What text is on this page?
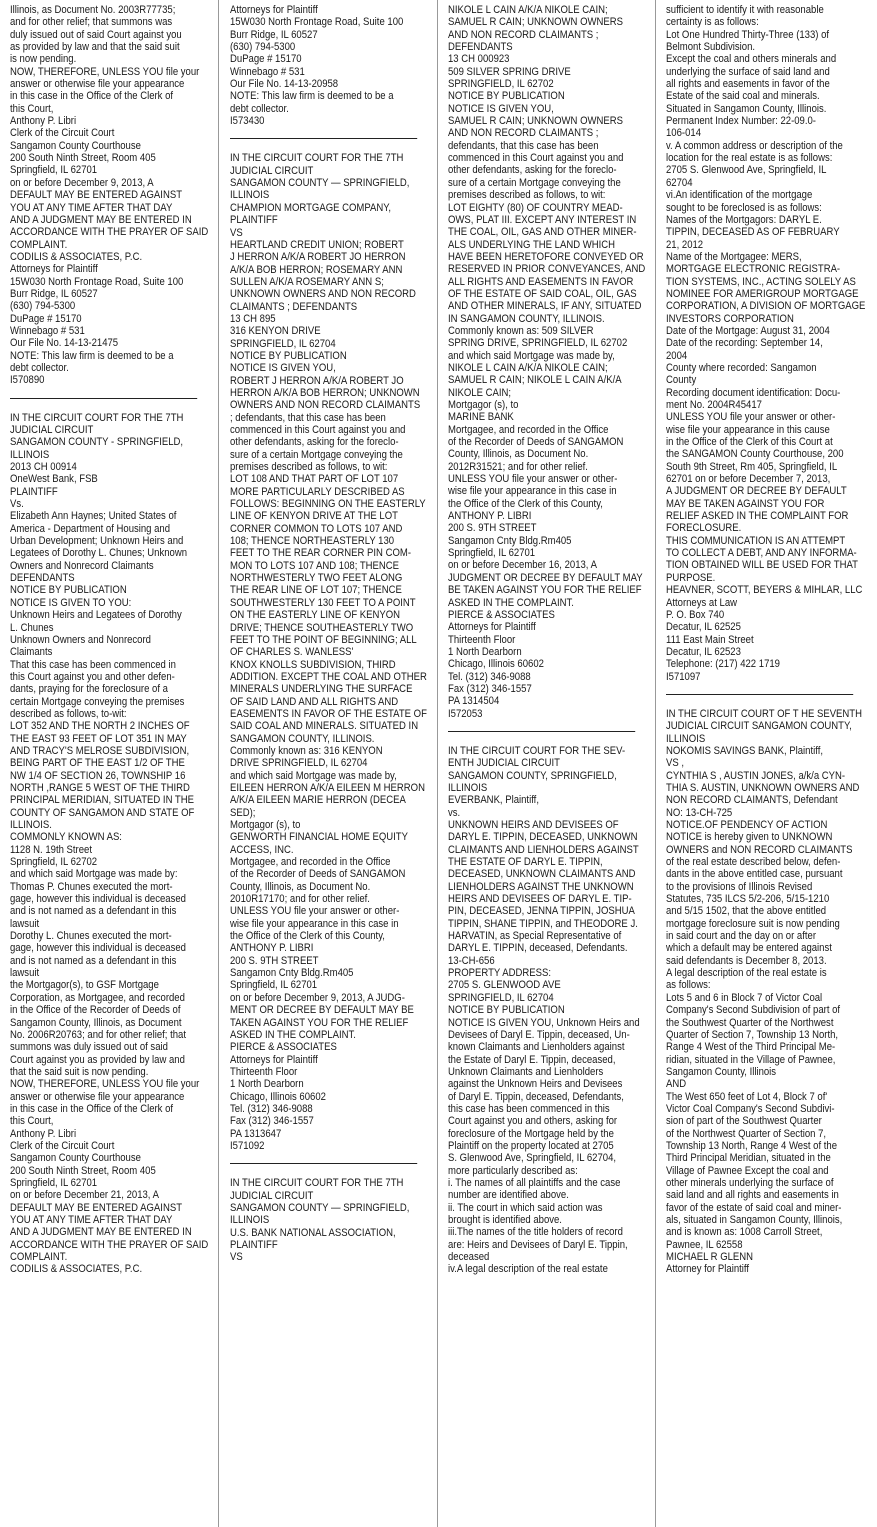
Illinois, as Document No. 2003R77735;

and for other relief; that summons was

duly issued out of said Court against you

as provided by law and that the said suit

is now pending.

NOW, THEREFORE, UNLESS YOU file your

answer or otherwise file your appearance

in this case in the Office of the Clerk of

this Court,

Anthony P. Libri

Clerk of the Circuit Court

Sangamon County Courthouse

200 South Ninth Street, Room 405

Springfield, IL 62701

on or before December 9, 2013, A

DEFAULT MAY BE ENTERED AGAINST

YOU AT ANY TIME AFTER THAT DAY

AND A JUDGMENT MAY BE ENTERED IN

ACCORDANCE WITH THE PRAYER OF SAID

COMPLAINT.

CODILIS & ASSOCIATES, P.C.

Attorneys for Plaintiff

15W030 North Frontage Road, Suite 100

Burr Ridge, IL 60527

(630) 794-5300

DuPage # 15170

Winnebago # 531

Our File No. 14-13-21475

NOTE: This law firm is deemed to be a

debt collector.

I570890

IN THE CIRCUIT COURT FOR THE 7TH

JUDICIAL CIRCUIT

SANGAMON COUNTY - SPRINGFIELD,

ILLINOIS

2013 CH 00914

OneWest Bank, FSB

PLAINTIFF

Vs.

Elizabeth Ann Haynes; United States of

America - Department of Housing and

Urban Development; Unknown Heirs and

Legatees of Dorothy L. Chunes; Unknown

Owners and Nonrecord Claimants

DEFENDANTS

NOTICE BY PUBLICATION

NOTICE IS GIVEN TO YOU:

Unknown Heirs and Legatees of Dorothy

L. Chunes

Unknown Owners and Nonrecord

Claimants

That this case has been commenced in

this Court against you and other defen-

dants, praying for the foreclosure of a

certain Mortgage conveying the premises

described as follows, to-wit:

LOT 352 AND THE NORTH 2 INCHES OF

THE EAST 93 FEET OF LOT 351 IN MAY

AND TRACY'S MELROSE SUBDIVISION,

BEING PART OF THE EAST 1/2 OF THE

NW 1/4 OF SECTION 26, TOWNSHIP 16

NORTH ,RANGE 5 WEST OF THE THIRD

PRINCIPAL MERIDIAN, SITUATED IN THE

COUNTY OF SANGAMON AND STATE OF

ILLINOIS.

COMMONLY KNOWN AS:

1128 N. 19th Street

Springfield, IL 62702

and which said Mortgage was made by:

Thomas P. Chunes executed the mort-

gage, however this individual is deceased

and is not named as a defendant in this

lawsuit

Dorothy L. Chunes executed the mort-

gage, however this individual is deceased

and is not named as a defendant in this

lawsuit

the Mortgagor(s), to GSF Mortgage

Corporation, as Mortgagee, and recorded

in the Office of the Recorder of Deeds of

Sangamon County, Illinois, as Document

No. 2006R20763; and for other relief; that

summons was duly issued out of said

Court against you as provided by law and

that the said suit is now pending.

NOW, THEREFORE, UNLESS YOU file your

answer or otherwise file your appearance

in this case in the Office of the Clerk of

this Court,

Anthony P. Libri

Clerk of the Circuit Court

Sangamon County Courthouse

200 South Ninth Street, Room 405

Springfield, IL 62701

on or before December 21, 2013, A

DEFAULT MAY BE ENTERED AGAINST

YOU AT ANY TIME AFTER THAT DAY

AND A JUDGMENT MAY BE ENTERED IN

ACCORDANCE WITH THE PRAYER OF SAID

COMPLAINT.

CODILIS & ASSOCIATES, P.C.

Attorneys for Plaintiff

15W030 North Frontage Road, Suite 100

Burr Ridge, IL 60527

(630) 794-5300

DuPage # 15170

Winnebago # 531

Our File No. 14-13-20958

NOTE: This law firm is deemed to be a

debt collector.

I573430

IN THE CIRCUIT COURT FOR THE 7TH

JUDICIAL CIRCUIT

SANGAMON COUNTY — SPRINGFIELD,

ILLINOIS

CHAMPION MORTGAGE COMPANY,

PLAINTIFF

VS

HEARTLAND CREDIT UNION; ROBERT

J HERRON A/K/A ROBERT JO HERRON

A/K/A BOB HERRON; ROSEMARY ANN

SULLEN A/K/A ROSEMARY ANN S;

UNKNOWN OWNERS AND NON RECORD

CLAIMANTS ; DEFENDANTS

13 CH 895

316 KENYON DRIVE

SPRINGFIELD, IL 62704

NOTICE BY PUBLICATION

NOTICE IS GIVEN YOU,

ROBERT J HERRON A/K/A ROBERT JO

HERRON A/K/A BOB HERRON; UNKNOWN

OWNERS AND NON RECORD CLAIMANTS

; defendants, that this case has been

commenced in this Court against you and

other defendants, asking for the foreclo-

sure of a certain Mortgage conveying the

premises described as follows, to wit:

LOT 108 AND THAT PART OF LOT 107

MORE PARTICULARLY DESCRIBED AS

FOLLOWS: BEGINNING ON THE EASTERLY

LINE OF KENYON DRIVE AT THE LOT

CORNER COMMON TO LOTS 107 AND

108; THENCE NORTHEASTERLY 130

FEET TO THE REAR CORNER PIN COM-

MON TO LOTS 107 AND 108; THENCE

NORTHWESTERLY TWO FEET ALONG

THE REAR LINE OF LOT 107; THENCE

SOUTHWESTERLY 130 FEET TO A POINT

ON THE EASTERLY LINE OF KENYON

DRIVE; THENCE SOUTHEASTERLY TWO

FEET TO THE POINT OF BEGINNING; ALL

OF CHARLES S. WANLESS'

KNOX KNOLLS SUBDIVISION, THIRD

ADDITION. EXCEPT THE COAL AND OTHER

MINERALS UNDERLYING THE SURFACE

OF SAID LAND AND ALL RIGHTS AND

EASEMENTS IN FAVOR OF THE ESTATE OF

SAID COAL AND MINERALS. SITUATED IN

SANGAMON COUNTY, ILLINOIS.

Commonly known as: 316 KENYON

DRIVE SPRINGFIELD, IL 62704

and which said Mortgage was made by,

EILEEN HERRON A/K/A EILEEN M HERRON

A/K/A EILEEN MARIE HERRON (DECEA

SED);

Mortgagor (s), to

GENWORTH FINANCIAL HOME EQUITY

ACCESS, INC.

Mortgagee, and recorded in the Office

of the Recorder of Deeds of SANGAMON

County, Illinois, as Document No.

2010R17170; and for other relief.

UNLESS YOU file your answer or other-

wise file your appearance in this case in

the Office of the Clerk of this County,

ANTHONY P. LIBRI

200 S. 9TH STREET

Sangamon Cnty Bldg.Rm405

Springfield, IL 62701

on or before December 9, 2013, A JUDG-

MENT OR DECREE BY DEFAULT MAY BE

TAKEN AGAINST YOU FOR THE RELIEF

ASKED IN THE COMPLAINT.

PIERCE & ASSOCIATES

Attorneys for Plaintiff

Thirteenth Floor

1 North Dearborn

Chicago, Illinois 60602

Tel. (312) 346-9088

Fax (312) 346-1557

PA 1313647

I571092

IN THE CIRCUIT COURT FOR THE 7TH

JUDICIAL CIRCUIT

SANGAMON COUNTY — SPRINGFIELD,

ILLINOIS

U.S. BANK NATIONAL ASSOCIATION,

PLAINTIFF

VS

NIKOLE L CAIN A/K/A NIKOLE CAIN;

SAMUEL R CAIN; UNKNOWN OWNERS

AND NON RECORD CLAIMANTS ;

DEFENDANTS

13 CH 000923

509 SILVER SPRING DRIVE

SPRINGFIELD, IL 62702

NOTICE BY PUBLICATION

NOTICE IS GIVEN YOU,

SAMUEL R CAIN; UNKNOWN OWNERS

AND NON RECORD CLAIMANTS ;

defendants, that this case has been

commenced in this Court against you and

other defendants, asking for the foreclo-

sure of a certain Mortgage conveying the

premises described as follows, to wit:

LOT EIGHTY (80) OF COUNTRY MEAD-

OWS, PLAT III. EXCEPT ANY INTEREST IN

THE COAL, OIL, GAS AND OTHER MINER-

ALS UNDERLYING THE LAND WHICH

HAVE BEEN HERETOFORE CONVEYED OR

RESERVED IN PRIOR CONVEYANCES, AND

ALL RIGHTS AND EASEMENTS IN FAVOR

OF THE ESTATE OF SAID COAL, OIL, GAS

AND OTHER MINERALS, IF ANY, SITUATED

IN SANGAMON COUNTY, ILLINOIS.

Commonly known as: 509 SILVER

SPRING DRIVE, SPRINGFIELD, IL 62702

and which said Mortgage was made by,

NIKOLE L CAIN A/K/A NIKOLE CAIN;

SAMUEL R CAIN; NIKOLE L CAIN A/K/A

NIKOLE CAIN;

Mortgagor (s), to

MARINE BANK

Mortgagee, and recorded in the Office

of the Recorder of Deeds of SANGAMON

County, Illinois, as Document No.

2012R31521; and for other relief.

UNLESS YOU file your answer or other-

wise file your appearance in this case in

the Office of the Clerk of this County,

ANTHONY P. LIBRI

200 S. 9TH STREET

Sangamon Cnty Bldg.Rm405

Springfield, IL 62701

on or before December 16, 2013, A

JUDGMENT OR DECREE BY DEFAULT MAY

BE TAKEN AGAINST YOU FOR THE RELIEF

ASKED IN THE COMPLAINT.

PIERCE & ASSOCIATES

Attorneys for Plaintiff

Thirteenth Floor

1 North Dearborn

Chicago, Illinois 60602

Tel. (312) 346-9088

Fax (312) 346-1557

PA 1314504

I572053

IN THE CIRCUIT COURT FOR THE SEV-

ENTH JUDICIAL CIRCUIT

SANGAMON COUNTY, SPRINGFIELD,

ILLINOIS

EVERBANK, Plaintiff,

vs.

UNKNOWN HEIRS AND DEVISEES OF

DARYL E. TIPPIN, DECEASED, UNKNOWN

CLAIMANTS AND LIENHOLDERS AGAINST

THE ESTATE OF DARYL E. TIPPIN,

DECEASED, UNKNOWN CLAIMANTS AND

LIENHOLDERS AGAINST THE UNKNOWN

HEIRS AND DEVISEES OF DARYL E. TIP-

PIN, DECEASED, JENNA TIPPIN, JOSHUA

TIPPIN, SHANE TIPPIN, and THEODORE J.

HARVATIN, as Special Representative of

DARYL E. TIPPIN, deceased, Defendants.

13-CH-656

PROPERTY ADDRESS:

2705 S. GLENWOOD AVE

SPRINGFIELD, IL 62704

NOTICE BY PUBLICATION

NOTICE IS GIVEN YOU, Unknown Heirs and

Devisees of Daryl E. Tippin, deceased, Un-

known Claimants and Lienholders against

the Estate of Daryl E. Tippin, deceased,

Unknown Claimants and Lienholders

against the Unknown Heirs and Devisees

of Daryl E. Tippin, deceased, Defendants,

this case has been commenced in this

Court against you and others, asking for

foreclosure of the Mortgage held by the

Plaintiff on the property located at 2705

S. Glenwood Ave, Springfield, IL 62704,

more particularly described as:

i. The names of all plaintiffs and the case

number are identified above.

ii. The court in which said action was

brought is identified above.

iii.The names of the title holders of record

are: Heirs and Devisees of Daryl E. Tippin,

deceased

iv.A legal description of the real estate

sufficient to identify it with reasonable

certainty is as follows:

Lot One Hundred Thirty-Three (133) of

Belmont Subdivision.

Except the coal and others minerals and

underlying the surface of said land and

all rights and easements in favor of the

Estate of the said coal and minerals.

Situated in Sangamon County, Illinois.

Permanent Index Number: 22-09.0-

106-014

v. A common address or description of the

location for the real estate is as follows:

2705 S. Glenwood Ave, Springfield, IL

62704

vi.An identification of the mortgage

sought to be foreclosed is as follows:

Names of the Mortgagors: DARYL E.

TIPPIN, DECEASED AS OF FEBRUARY

21, 2012

Name of the Mortgagee: MERS,

MORTGAGE ELECTRONIC REGISTRA-

TION SYSTEMS, INC., ACTING SOLELY AS

NOMINEE FOR AMERIGROUP MORTGAGE

CORPORATION, A DIVISION OF MORTGAGE

INVESTORS CORPORATION

Date of the Mortgage: August 31, 2004

Date of the recording: September 14,

2004

County where recorded: Sangamon

County

Recording document identification: Docu-

ment No. 2004R45417

UNLESS YOU file your answer or other-

wise file your appearance in this cause

in the Office of the Clerk of this Court at

the SANGAMON County Courthouse, 200

South 9th Street, Rm 405, Springfield, IL

62701 on or before December 7, 2013,

A JUDGMENT OR DECREE BY DEFAULT

MAY BE TAKEN AGAINST YOU FOR

RELIEF ASKED IN THE COMPLAINT FOR

FORECLOSURE.

THIS COMMUNICATION IS AN ATTEMPT

TO COLLECT A DEBT, AND ANY INFORMA-

TION OBTAINED WILL BE USED FOR THAT

PURPOSE.

HEAVNER, SCOTT, BEYERS & MIHLAR, LLC

Attorneys at Law

P. O. Box 740

Decatur, IL 62525

111 East Main Street

Decatur, IL 62523

Telephone: (217) 422 1719

I571097

IN THE CIRCUIT COURT OF T HE SEVENTH

JUDICIAL CIRCUIT SANGAMON COUNTY,

ILLINOIS

NOKOMIS SAVINGS BANK, Plaintiff,

VS ,

CYNTHIA S , AUSTIN JONES, a/k/a CYN-

THIA S. AUSTIN, UNKNOWN OWNERS AND

NON RECORD CLAIMANTS, Defendant

NO: 13-CH-725

NOTICE.OF PENDENCY OF ACTION

NOTICE is hereby given to UNKNOWN

OWNERS and NON RECORD CLAIMANTS

of the real estate described below, defen-

dants in the above entitled case, pursuant

to the provisions of Illinois Revised

Statutes, 735 ILCS 5/2-206, 5/15-1210

and 5/15 1502, that the above entitled

mortgage foreclosure suit is now pending

in said court and the day on or after

which a default may be entered against

said defendants is December 8, 2013.

A legal description of the real estate is

as follows:

Lots 5 and 6 in Block 7 of Victor Coal

Company's Second Subdivision of part of

the Southwest Quarter of the Northwest

Quarter of Section 7, Township 13 North,

Range 4 West of the Third Principal Me-

ridian, situated in the Village of Pawnee,

Sangamon County, Illinois

AND

The West 650 feet of Lot 4, Block 7 of'

Victor Coal Company's Second Subdivi-

sion of part of the Southwest Quarter

of the Northwest Quarter of Section 7,

Township 13 North, Range 4 West of the

Third Principal Meridian, situated in the

Village of Pawnee Except the coal and

other minerals underlying the surface of

said land and all rights and easements in

favor of the estate of said coal and miner-

als, situated in Sangamon County, Illinois,

and is known as: 1008 Carroll Street,

Pawnee, IL 62558

MICHAEL R GLENN

Attorney for Plaintiff
